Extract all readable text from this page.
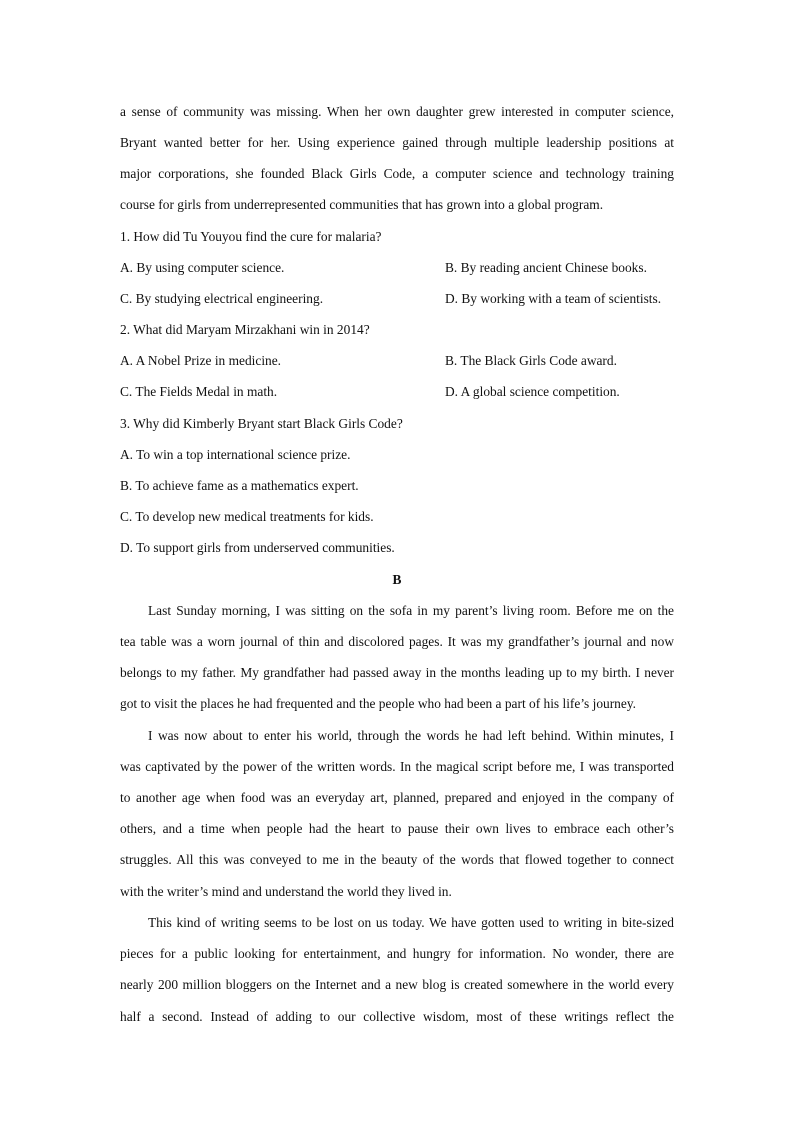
a sense of community was missing. When her own daughter grew interested in computer science,
Bryant wanted better for her. Using experience gained through multiple leadership positions at
major corporations, she founded Black Girls Code, a computer science and technology training
course for girls from underrepresented communities that has grown into a global program.
1. How did Tu Youyou find the cure for malaria?
A. By using computer science.	B. By reading ancient Chinese books.
C. By studying electrical engineering.	D. By working with a team of scientists.
2. What did Maryam Mirzakhani win in 2014?
A. A Nobel Prize in medicine.	B. The Black Girls Code award.
C. The Fields Medal in math.	D. A global science competition.
3. Why did Kimberly Bryant start Black Girls Code?
A. To win a top international science prize.
B. To achieve fame as a mathematics expert.
C. To develop new medical treatments for kids.
D. To support girls from underserved communities.
B
Last Sunday morning, I was sitting on the sofa in my parent’s living room. Before me on the
tea table was a worn journal of thin and discolored pages. It was my grandfather’s journal and now
belongs to my father. My grandfather had passed away in the months leading up to my birth. I never
got to visit the places he had frequented and the people who had been a part of his life’s journey.
I was now about to enter his world, through the words he had left behind. Within minutes, I
was captivated by the power of the written words. In the magical script before me, I was transported
to another age when food was an everyday art, planned, prepared and enjoyed in the company of
others, and a time when people had the heart to pause their own lives to embrace each other’s
struggles. All this was conveyed to me in the beauty of the words that flowed together to connect
with the writer’s mind and understand the world they lived in.
This kind of writing seems to be lost on us today. We have gotten used to writing in bite-sized
pieces for a public looking for entertainment, and hungry for information. No wonder, there are
nearly 200 million bloggers on the Internet and a new blog is created somewhere in the world every
half a second. Instead of adding to our collective wisdom, most of these writings reflect the
